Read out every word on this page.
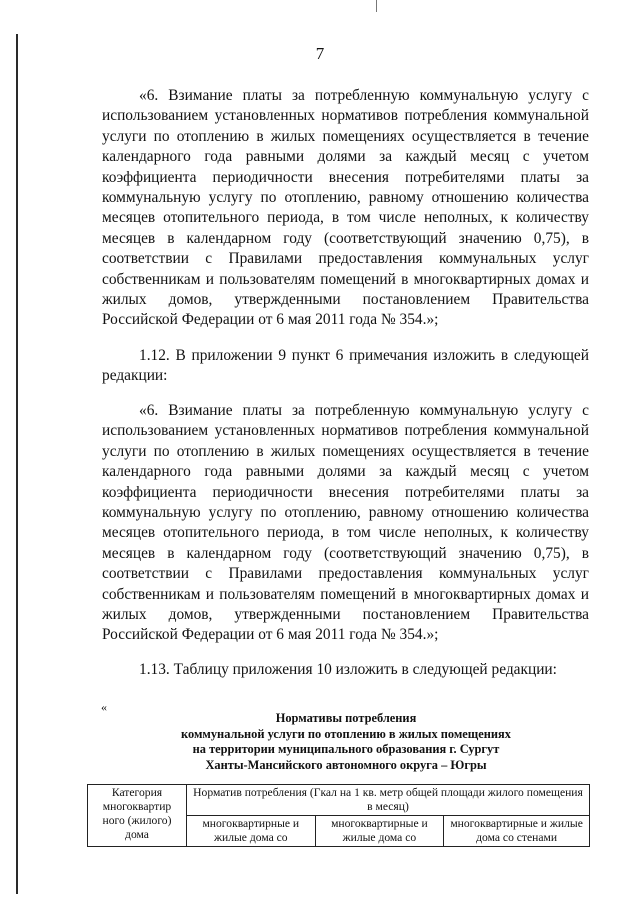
7
«6. Взимание платы за потребленную коммунальную услугу с использованием установленных нормативов потребления коммунальной услуги по отоплению в жилых помещениях осуществляется в течение календарного года равными долями за каждый месяц с учетом коэффициента периодичности внесения потребителями платы за коммунальную услугу по отоплению, равному отношению количества месяцев отопительного периода, в том числе неполных, к количеству месяцев в календарном году (соответствующий значению 0,75), в соответствии с Правилами предоставления коммунальных услуг собственникам и пользователям помещений в многоквартирных домах и жилых домов, утвержденными постановлением Правительства Российской Федерации от 6 мая 2011 года № 354.»;
1.12. В приложении 9 пункт 6 примечания изложить в следующей редакции:
«6. Взимание платы за потребленную коммунальную услугу с использованием установленных нормативов потребления коммунальной услуги по отоплению в жилых помещениях осуществляется в течение календарного года равными долями за каждый месяц с учетом коэффициента периодичности внесения потребителями платы за коммунальную услугу по отоплению, равному отношению количества месяцев отопительного периода, в том числе неполных, к количеству месяцев в календарном году (соответствующий значению 0,75), в соответствии с Правилами предоставления коммунальных услуг собственникам и пользователям помещений в многоквартирных домах и жилых домов, утвержденными постановлением Правительства Российской Федерации от 6 мая 2011 года № 354.»;
1.13. Таблицу приложения 10 изложить в следующей редакции:
«
Нормативы потребления
коммунальной услуги по отоплению в жилых помещениях
на территории муниципального образования г. Сургут
Ханты-Мансийского автономного округа – Югры
Категория многоквартир ного (жилого) дома	Норматив потребления (Гкал на 1 кв. метр общей площади жилого помещения в месяц)		
	многоквартирные и жилые дома со	многоквартирные и жилые дома со	многоквартирные и жилые дома со стенами
